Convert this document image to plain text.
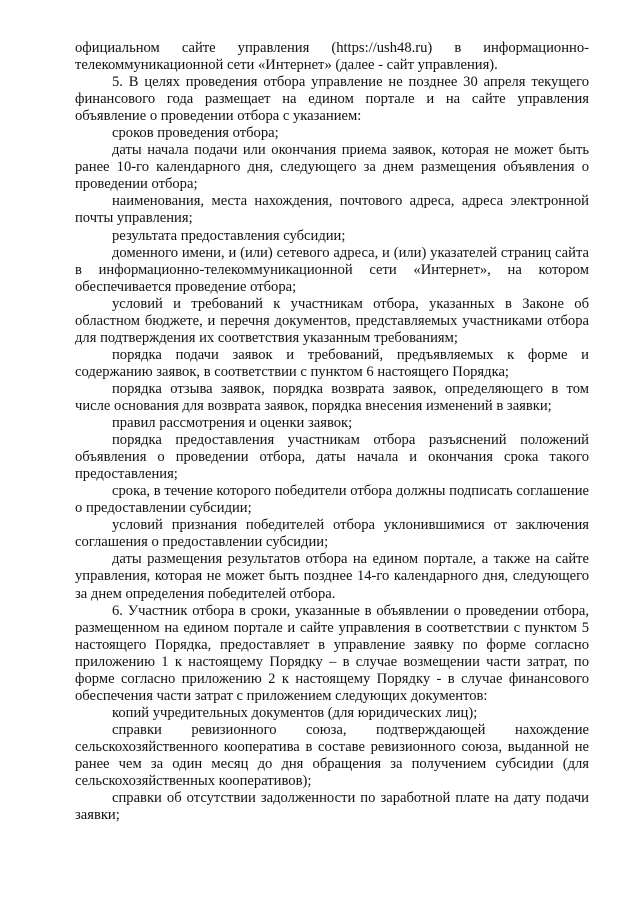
официальном сайте управления (https://ush48.ru) в информационно-телекоммуникационной сети «Интернет» (далее - сайт управления).

5. В целях проведения отбора управление не позднее 30 апреля текущего финансового года размещает на едином портале и на сайте управления объявление о проведении отбора с указанием:

сроков проведения отбора;

даты начала подачи или окончания приема заявок, которая не может быть ранее 10-го календарного дня, следующего за днем размещения объявления о проведении отбора;

наименования, места нахождения, почтового адреса, адреса электронной почты управления;

результата предоставления субсидии;

доменного имени, и (или) сетевого адреса, и (или) указателей страниц сайта в информационно-телекоммуникационной сети «Интернет», на котором обеспечивается проведение отбора;

условий и требований к участникам отбора, указанных в Законе об областном бюджете, и перечня документов, представляемых участниками отбора для подтверждения их соответствия указанным требованиям;

порядка подачи заявок и требований, предъявляемых к форме и содержанию заявок, в соответствии с пунктом 6 настоящего Порядка;

порядка отзыва заявок, порядка возврата заявок, определяющего в том числе основания для возврата заявок, порядка внесения изменений в заявки;

правил рассмотрения и оценки заявок;

порядка предоставления участникам отбора разъяснений положений объявления о проведении отбора, даты начала и окончания срока такого предоставления;

срока, в течение которого победители отбора должны подписать соглашение о предоставлении субсидии;

условий признания победителей отбора уклонившимися от заключения соглашения о предоставлении субсидии;

даты размещения результатов отбора на едином портале, а также на сайте управления, которая не может быть позднее 14-го календарного дня, следующего за днем определения победителей отбора.

6. Участник отбора в сроки, указанные в объявлении о проведении отбора, размещенном на едином портале и сайте управления в соответствии с пунктом 5 настоящего Порядка, предоставляет в управление заявку по форме согласно приложению 1 к настоящему Порядку – в случае возмещении части затрат, по форме согласно приложению 2 к настоящему Порядку - в случае финансового обеспечения части затрат с приложением следующих документов:

копий учредительных документов (для юридических лиц);

справки ревизионного союза, подтверждающей нахождение сельскохозяйственного кооператива в составе ревизионного союза, выданной не ранее чем за один месяц до дня обращения за получением субсидии (для сельскохозяйственных кооперативов);

справки об отсутствии задолженности по заработной плате на дату подачи заявки;
